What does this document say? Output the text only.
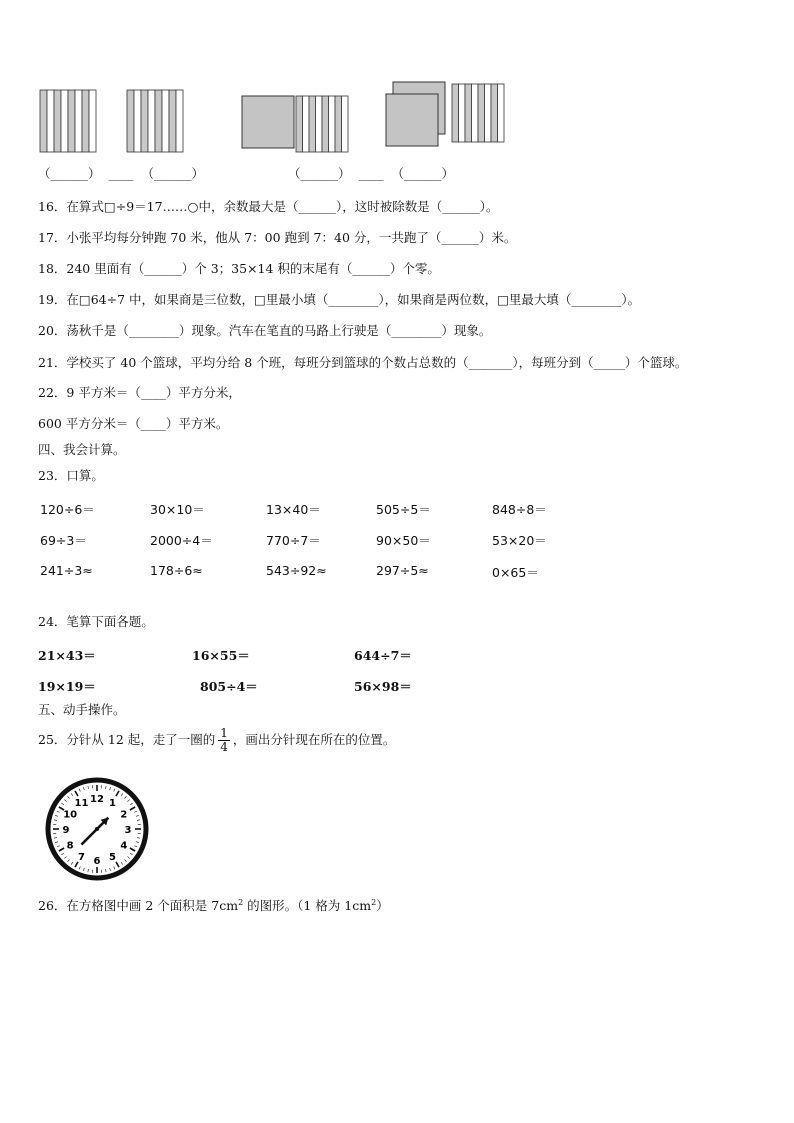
（______） ____ （______）	（______） ____ （______）
16．在算式□÷9＝17……○中，余数最大是（______），这时被除数是（______）。
17．小张平均每分钟跑 70 米，他从 7：00 跑到 7：40 分，一共跑了（______）米。
18．240 里面有（______）个 3；35×14 积的末尾有（______）个零。
19．在□64÷7 中，如果商是三位数，□里最小填（________），如果商是两位数，□里最大填（________）。
20．荡秋千是（________）现象。汽车在笔直的马路上行驶是（________）现象。
21．学校买了 40 个篮球，平均分给 8 个班，每班分到篮球的个数占总数的（_______），每班分到（_____）个篮球。
22．9 平方米＝（____）平方分米，
600 平方分米＝（____）平方米。
四、我会计算。
23．口算。
120÷6＝	30×10＝	13×40＝	505÷5＝	848÷8＝
69÷3＝	2000÷4＝	770÷7＝	90×50＝	53×20＝
241÷3≈	178÷6≈	543÷92≈	297÷5≈	0×65＝
24．笔算下面各题。
21×43＝	16×55＝	644÷7＝
19×19＝	805÷4＝	56×98＝
五、动手操作。
25．分针从 12 起，走了一圈的 $\frac{1}{4}$ ，画出分针现在所在的位置。
12 1
2
3
4
5
6
7
8
9
10
11
26．在方格图中画 2 个面积是 $7cm^2$ 的图形。（1 格为 $1cm^2$）
